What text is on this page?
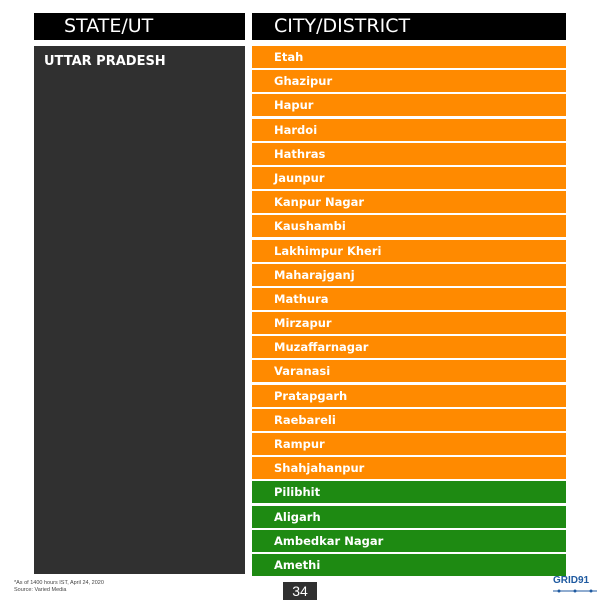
STATE/UT	CITY/DISTRICT
UTTAR PRADESH	Etah
Ghazipur
Hapur
Hardoi
Hathras
Jaunpur
Kanpur Nagar
Kaushambi
Lakhimpur Kheri
Maharajganj
Mathura
Mirzapur
Muzaffarnagar
Varanasi
Pratapgarh
Raebareli
Rampur
Shahjahanpur
Pilibhit
Aligarh
Ambedkar Nagar
Amethi
*As of 1400 hours IST, April 24, 2020
Source: Varied Media	34
GRID91
